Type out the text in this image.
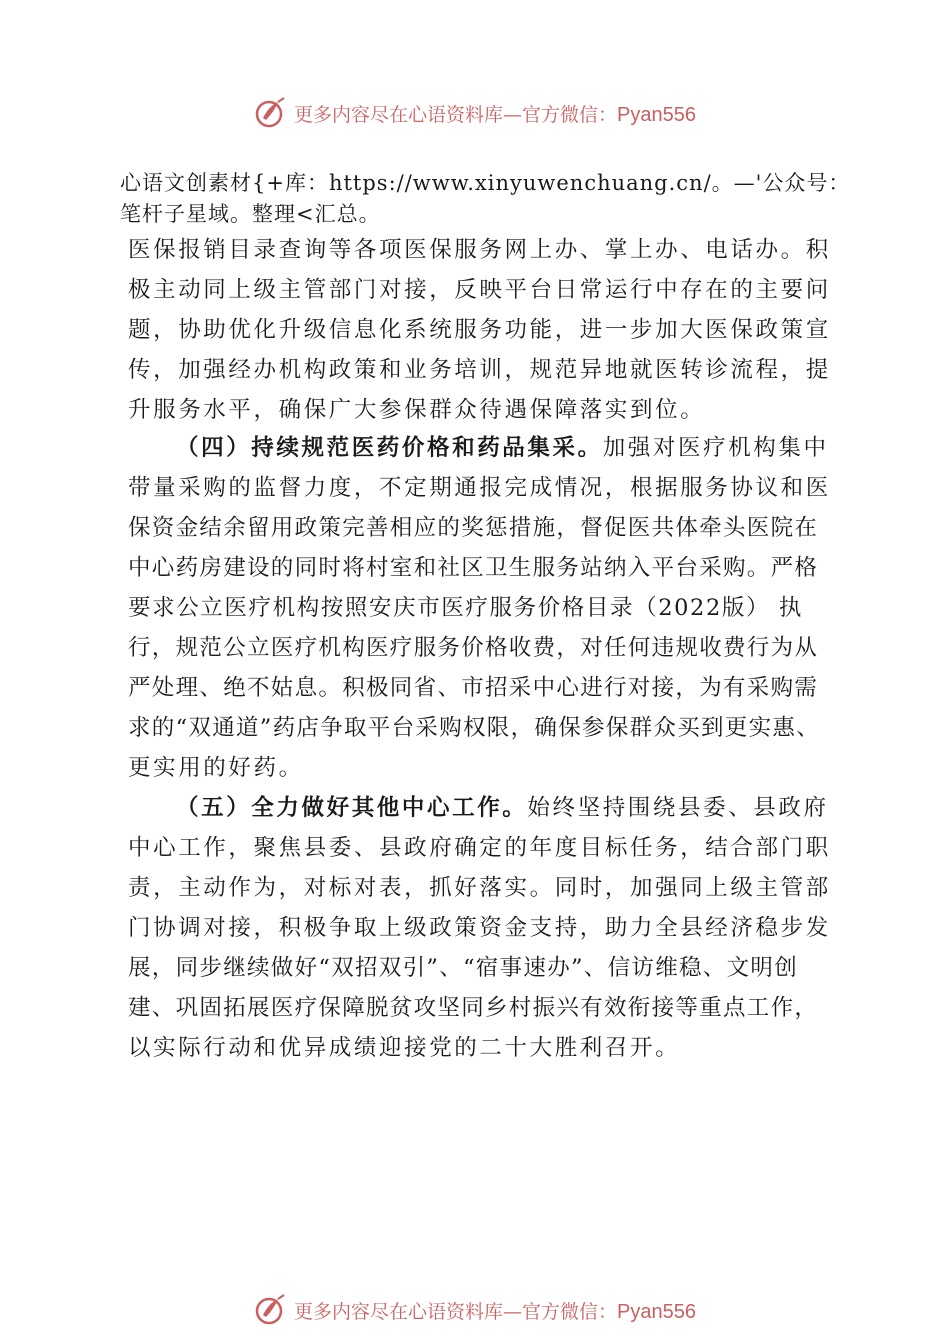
更多内容尽在心语资料库—官方微信：Pyan556

心语文创素材{+库：https://www.xinyuwenchuang.cn/。—'公众号：笔杆子星域。整理<汇总。

医保报销目录查询等各项医保服务网上办、掌上办、电话办。积

极主动同上级主管部门对接，反映平台日常运行中存在的主要问

题，协助优化升级信息化系统服务功能，进一步加大医保政策宣

传，加强经办机构政策和业务培训，规范异地就医转诊流程，提

升服务水平，确保广大参保群众待遇保障落实到位。

（四）持续规范医药价格和药品集采。加强对医疗机构集中

带量采购的监督力度，不定期通报完成情况，根据服务协议和医

保资金结余留用政策完善相应的奖惩措施，督促医共体牵头医院在

中心药房建设的同时将村室和社区卫生服务站纳入平台采购。严格

要求公立医疗机构按照安庆市医疗服务价格目录（2022版） 执

行，规范公立医疗机构医疗服务价格收费，对任何违规收费行为从

严处理、绝不姑息。积极同省、市招采中心进行对接，为有采购需

求的“双通道”药店争取平台采购权限，确保参保群众买到更实惠、

更实用的好药。

（五）全力做好其他中心工作。始终坚持围绕县委、县政府

中心工作，聚焦县委、县政府确定的年度目标任务，结合部门职

责，主动作为，对标对表，抓好落实。同时，加强同上级主管部

门协调对接，积极争取上级政策资金支持，助力全县经济稳步发

展，同步继续做好“双招双引”、“宿事速办”、信访维稳、文明创

建、巩固拓展医疗保障脱贫攻坚同乡村振兴有效衔接等重点工作，

以实际行动和优异成绩迎接党的二十大胜利召开。

更多内容尽在心语资料库—官方微信：Pyan556
